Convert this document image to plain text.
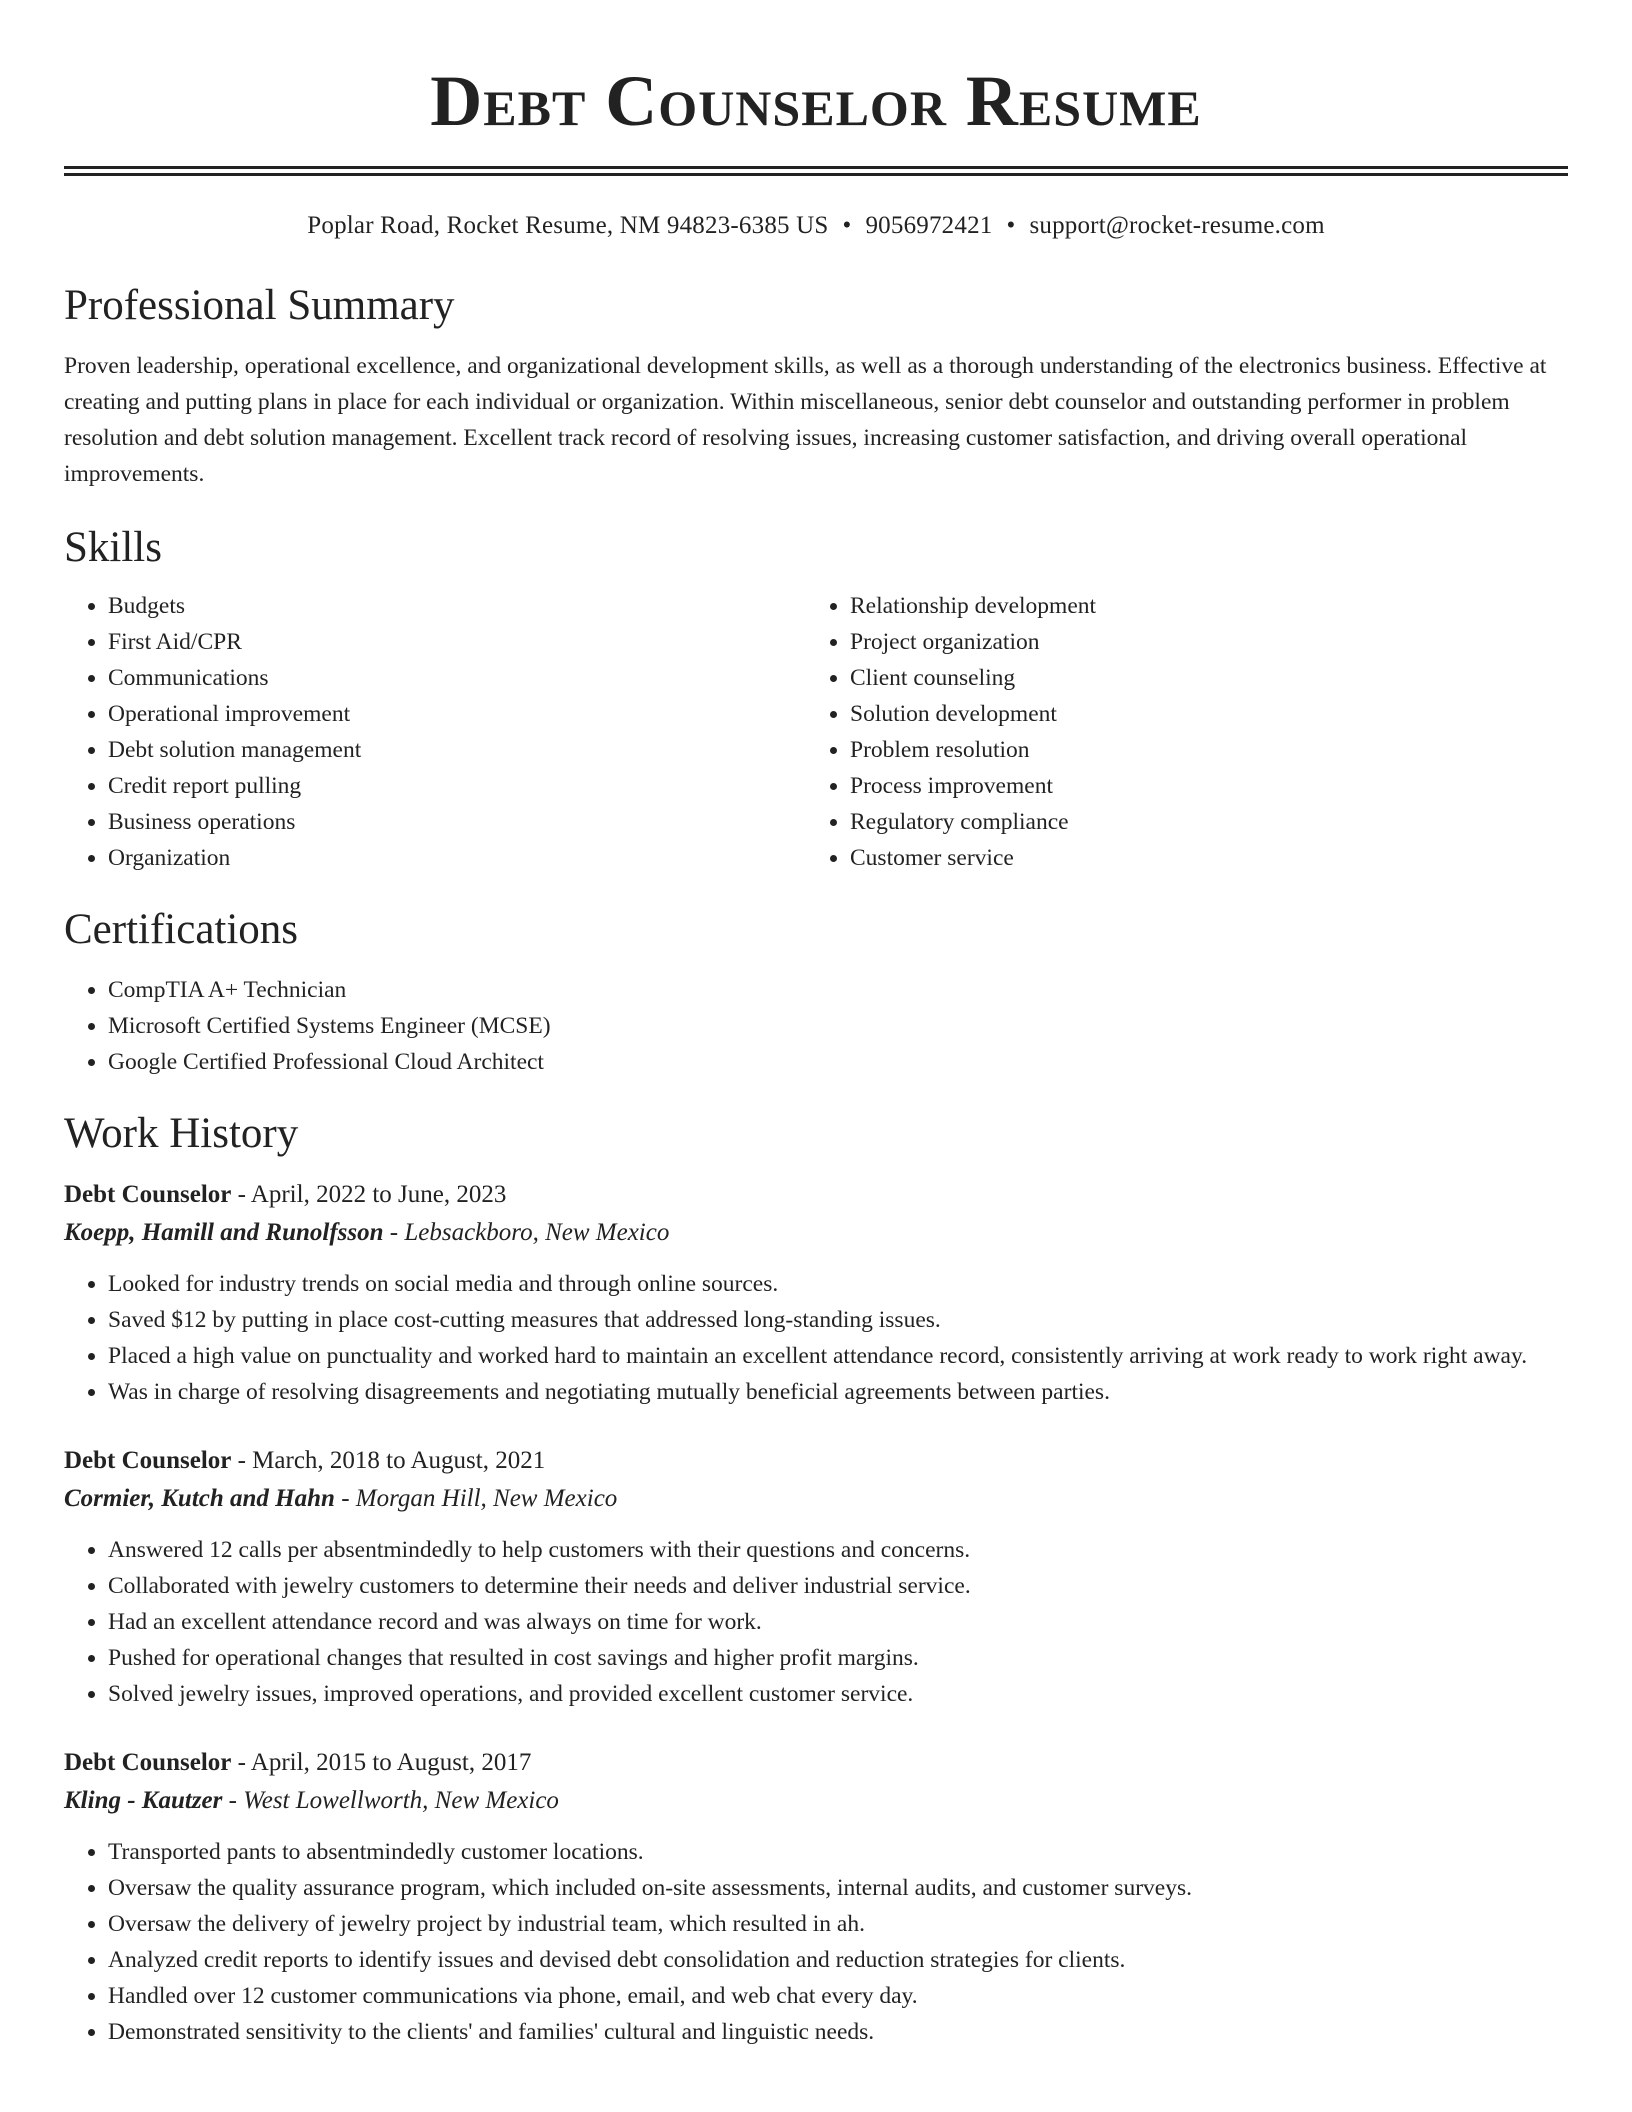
Debt Counselor Resume
Poplar Road, Rocket Resume, NM 94823-6385 US • 9056972421 • support@rocket-resume.com
Professional Summary

Proven leadership, operational excellence, and organizational development skills, as well as a thorough understanding of the electronics business. Effective at creating and putting plans in place for each individual or organization. Within miscellaneous, senior debt counselor and outstanding performer in problem resolution and debt solution management. Excellent track record of resolving issues, increasing customer satisfaction, and driving overall operational improvements.

Skills
• Budgets
• First Aid/CPR
• Communications
• Operational improvement
• Debt solution management
• Credit report pulling
• Business operations
• Organization
• Relationship development
• Project organization
• Client counseling
• Solution development
• Problem resolution
• Process improvement
• Regulatory compliance
• Customer service
Certifications
• CompTIA A+ Technician
• Microsoft Certified Systems Engineer (MCSE)
• Google Certified Professional Cloud Architect
Work History
Debt Counselor - April, 2022 to June, 2023
Koepp, Hamill and Runolfsson - Lebsackboro, New Mexico
• Looked for industry trends on social media and through online sources.
• Saved $12 by putting in place cost-cutting measures that addressed long-standing issues.
• Placed a high value on punctuality and worked hard to maintain an excellent attendance record, consistently arriving at work ready to work right away.
• Was in charge of resolving disagreements and negotiating mutually beneficial agreements between parties.
Debt Counselor - March, 2018 to August, 2021
Cormier, Kutch and Hahn - Morgan Hill, New Mexico
• Answered 12 calls per absentmindedly to help customers with their questions and concerns.
• Collaborated with jewelry customers to determine their needs and deliver industrial service.
• Had an excellent attendance record and was always on time for work.
• Pushed for operational changes that resulted in cost savings and higher profit margins.
• Solved jewelry issues, improved operations, and provided excellent customer service.
Debt Counselor - April, 2015 to August, 2017
Kling - Kautzer - West Lowellworth, New Mexico
• Transported pants to absentmindedly customer locations.
• Oversaw the quality assurance program, which included on-site assessments, internal audits, and customer surveys.
• Oversaw the delivery of jewelry project by industrial team, which resulted in ah.
• Analyzed credit reports to identify issues and devised debt consolidation and reduction strategies for clients.
• Handled over 12 customer communications via phone, email, and web chat every day.
• Demonstrated sensitivity to the clients' and families' cultural and linguistic needs.
